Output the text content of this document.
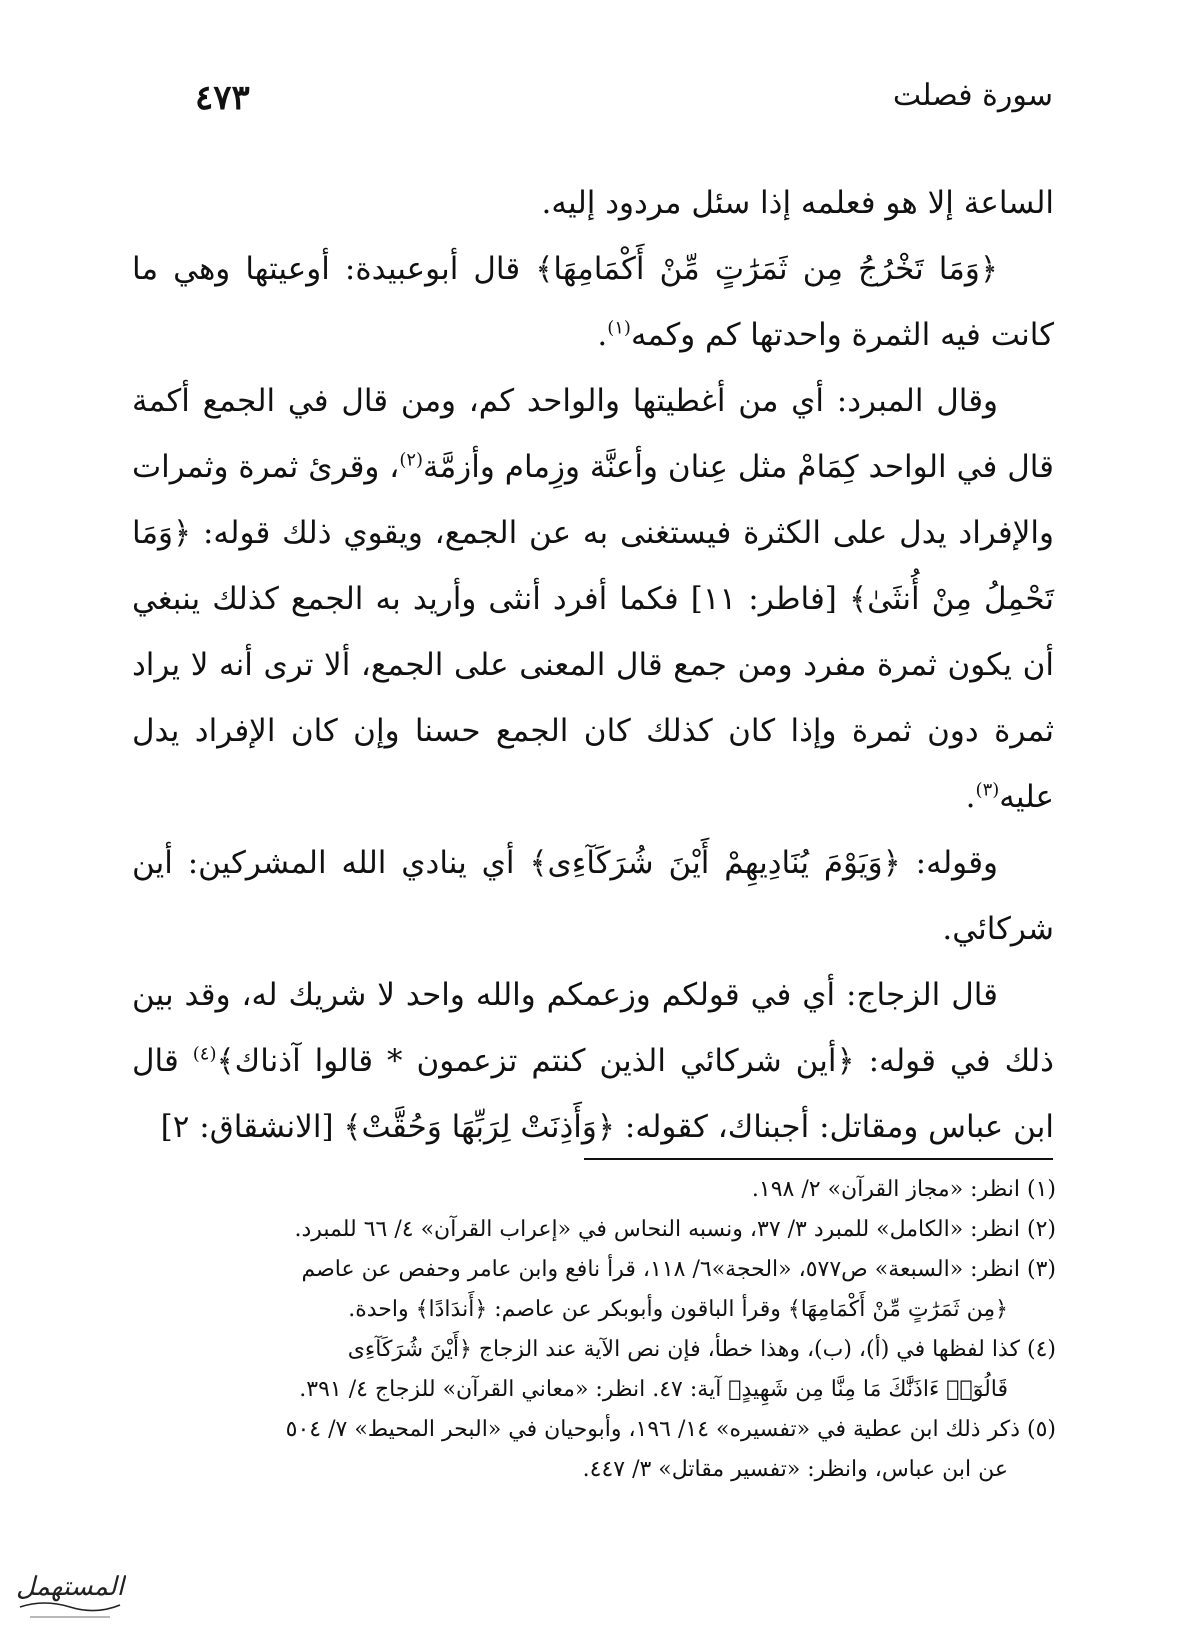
سورة فصلت
٤٧٣

الساعة إلا هو فعلمه إذا سئل مردود إليه.

﴿وَمَا تَخْرُجُ مِن ثَمَرَٰتٍ مِّنْ أَكْمَامِهَا﴾ قال أبوعبيدة: أوعيتها وهي ما كانت فيه الثمرة واحدتها كم وكمه$^{(١)}$.

وقال المبرد: أي من أغطيتها والواحد كم، ومن قال في الجمع أكمة قال في الواحد كِمَامْ مثل عِنان وأعنَّة وزِمام وأزمَّة$^{(٢)}$، وقرئ ثمرة وثمرات والإفراد يدل على الكثرة فيستغنى به عن الجمع، ويقوي ذلك قوله: ﴿وَمَا تَحْمِلُ مِنْ أُنثَىٰ﴾ [فاطر: ١١] فكما أفرد أنثى وأريد به الجمع كذلك ينبغي أن يكون ثمرة مفرد ومن جمع قال المعنى على الجمع، ألا ترى أنه لا يراد ثمرة دون ثمرة وإذا كان كذلك كان الجمع حسنا وإن كان الإفراد يدل عليه$^{(٣)}$.

وقوله: ﴿وَيَوْمَ يُنَادِيهِمْ أَيْنَ شُرَكَآءِى﴾ أي ينادي الله المشركين: أين شركائي.

قال الزجاج: أي في قولكم وزعمكم والله واحد لا شريك له، وقد بين ذلك في قوله: ﴿أين شركائي الذين كنتم تزعمون * قالوا آذناك﴾$^{(٤)}$ قال ابن عباس ومقاتل: أجبناك، كقوله: ﴿وَأَذِنَتْ لِرَبِّهَا وَحُقَّتْ﴾ [الانشقاق: ٢]

(١) انظر: «مجاز القرآن» ٢/ ١٩٨.

(٢) انظر: «الكامل» للمبرد ٣/ ٣٧، ونسبه النحاس في «إعراب القرآن» ٤/ ٦٦ للمبرد.

(٣) انظر: «السبعة» ص٥٧٧، «الحجة»٦/ ١١٨، قرأ نافع وابن عامر وحفص عن عاصم

﴿مِن ثَمَرَٰتٍ مِّنْ أَكْمَامِهَا﴾ وقرأ الباقون وأبوبكر عن عاصم: ﴿أَندَادًا﴾ واحدة.

(٤) كذا لفظها في (أ)، (ب)، وهذا خطأ، فإن نص الآية عند الزجاج ﴿أَيْنَ شُرَكَآءِى

قَالُوٓا۟ ءَاذَنَّٰكَ مَا مِنَّا مِن شَهِيدٍ﴾ آية: ٤٧. انظر: «معاني القرآن» للزجاج ٤/ ٣٩١.

(٥) ذكر ذلك ابن عطية في «تفسيره» ١٤/ ١٩٦، وأبوحيان في «البحر المحيط» ٧/ ٥٠٤

عن ابن عباس، وانظر: «تفسير مقاتل» ٣/ ٤٤٧.

المستهمل
